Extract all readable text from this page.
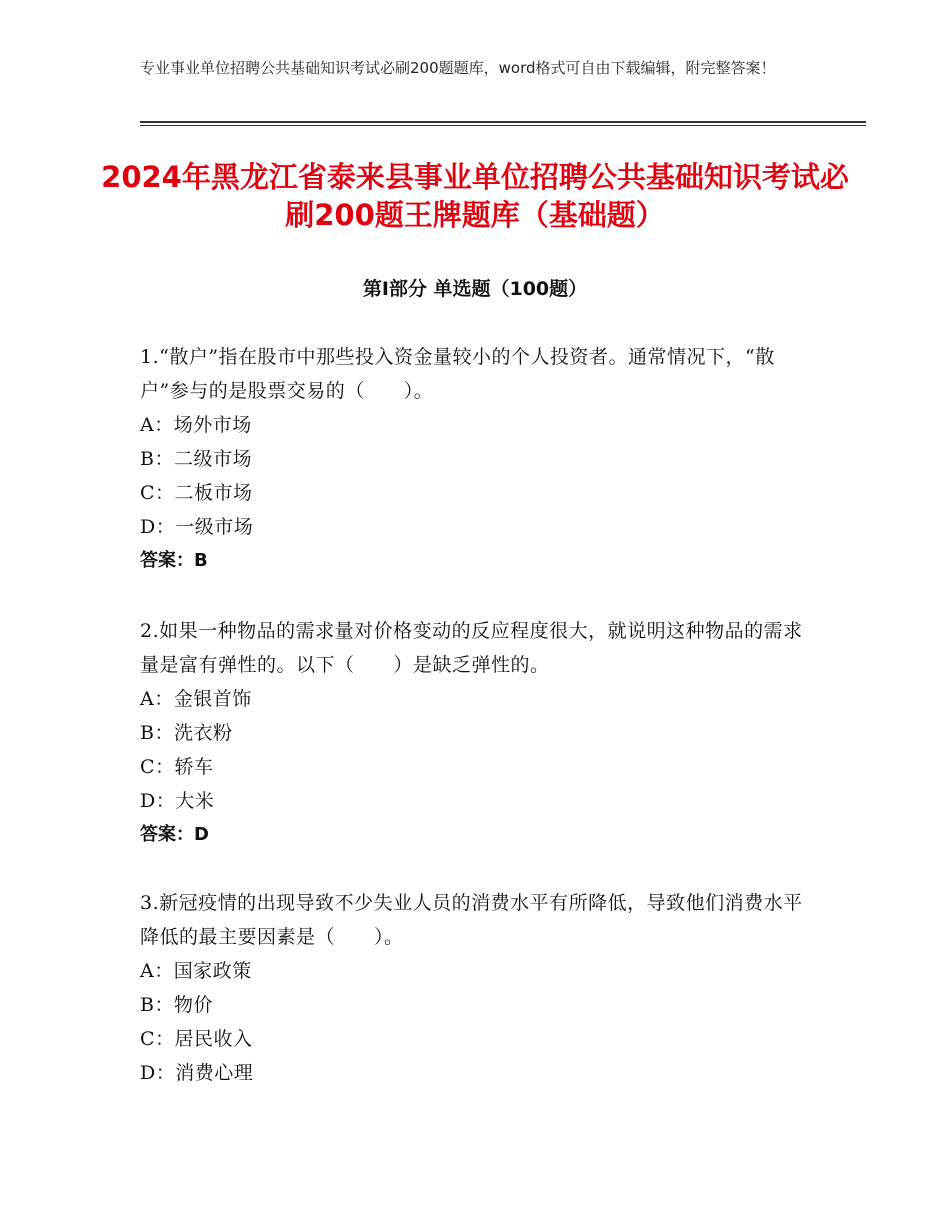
专业事业单位招聘公共基础知识考试必刷200题题库，word格式可自由下载编辑，附完整答案！
2024年黑龙江省泰来县事业单位招聘公共基础知识考试必刷200题王牌题库（基础题）
第Ⅰ部分 单选题（100题）

1.“散户”指在股市中那些投入资金量较小的个人投资者。通常情况下，“散户”参与的是股票交易的（　　）。

A：场外市场

B：二级市场

C：二板市场

D：一级市场

答案：B

2.如果一种物品的需求量对价格变动的反应程度很大，就说明这种物品的需求量是富有弹性的。以下（　　）是缺乏弹性的。

A：金银首饰

B：洗衣粉

C：轿车

D：大米

答案：D

3.新冠疫情的出现导致不少失业人员的消费水平有所降低，导致他们消费水平降低的最主要因素是（　　）。

A：国家政策

B：物价

C：居民收入

D：消费心理
